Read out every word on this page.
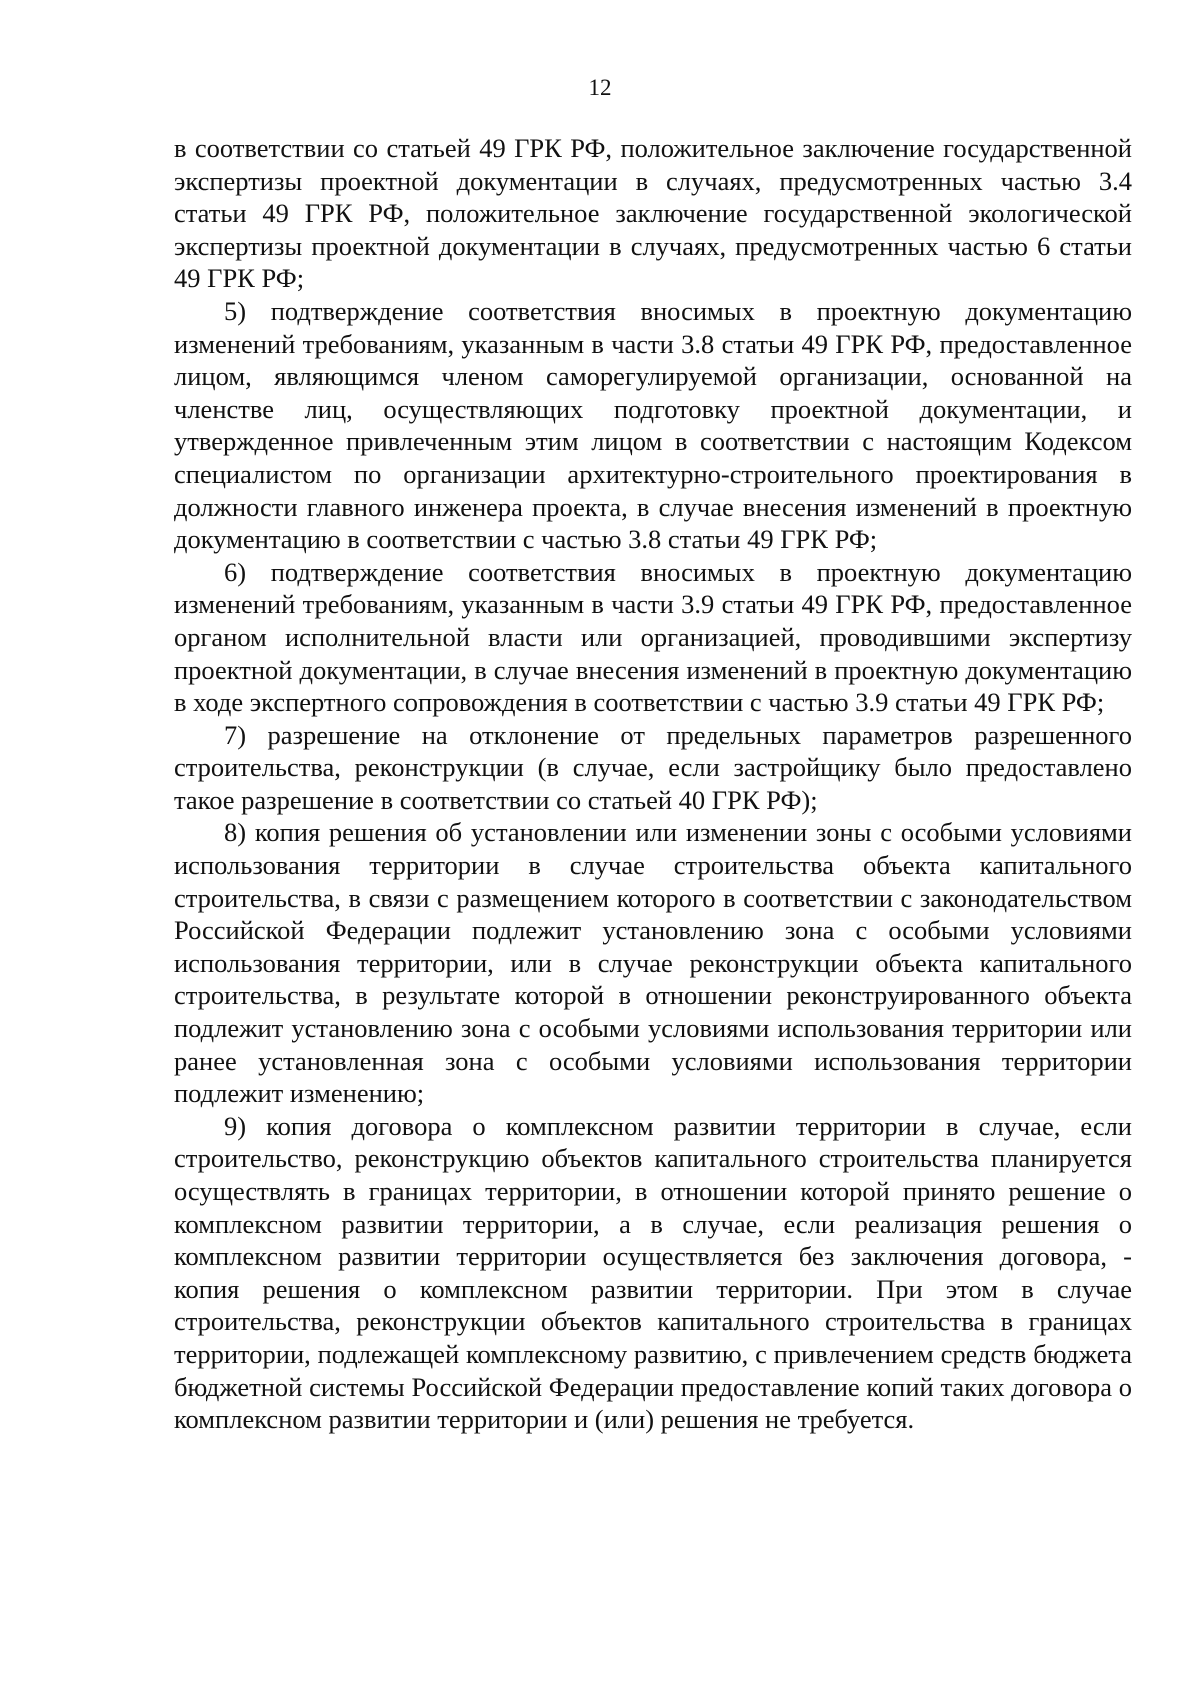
12

в соответствии со статьей 49 ГРК РФ, положительное заключение государственной экспертизы проектной документации в случаях, предусмотренных частью 3.4 статьи 49 ГРК РФ, положительное заключение государственной экологической экспертизы проектной документации в случаях, предусмотренных частью 6 статьи 49 ГРК РФ;

5) подтверждение соответствия вносимых в проектную документацию изменений требованиям, указанным в части 3.8 статьи 49 ГРК РФ, предоставленное лицом, являющимся членом саморегулируемой организации, основанной на членстве лиц, осуществляющих подготовку проектной документации, и утвержденное привлеченным этим лицом в соответствии с настоящим Кодексом специалистом по организации архитектурно-строительного проектирования в должности главного инженера проекта, в случае внесения изменений в проектную документацию в соответствии с частью 3.8 статьи 49 ГРК РФ;

6) подтверждение соответствия вносимых в проектную документацию изменений требованиям, указанным в части 3.9 статьи 49 ГРК РФ, предоставленное органом исполнительной власти или организацией, проводившими экспертизу проектной документации, в случае внесения изменений в проектную документацию в ходе экспертного сопровождения в соответствии с частью 3.9 статьи 49 ГРК РФ;

7) разрешение на отклонение от предельных параметров разрешенного строительства, реконструкции (в случае, если застройщику было предоставлено такое разрешение в соответствии со статьей 40 ГРК РФ);

8) копия решения об установлении или изменении зоны с особыми условиями использования территории в случае строительства объекта капитального строительства, в связи с размещением которого в соответствии с законодательством Российской Федерации подлежит установлению зона с особыми условиями использования территории, или в случае реконструкции объекта капитального строительства, в результате которой в отношении реконструированного объекта подлежит установлению зона с особыми условиями использования территории или ранее установленная зона с особыми условиями использования территории подлежит изменению;

9) копия договора о комплексном развитии территории в случае, если строительство, реконструкцию объектов капитального строительства планируется осуществлять в границах территории, в отношении которой принято решение о комплексном развитии территории, а в случае, если реализация решения о комплексном развитии территории осуществляется без заключения договора, - копия решения о комплексном развитии территории. При этом в случае строительства, реконструкции объектов капитального строительства в границах территории, подлежащей комплексному развитию, с привлечением средств бюджета бюджетной системы Российской Федерации предоставление копий таких договора о комплексном развитии территории и (или) решения не требуется.
